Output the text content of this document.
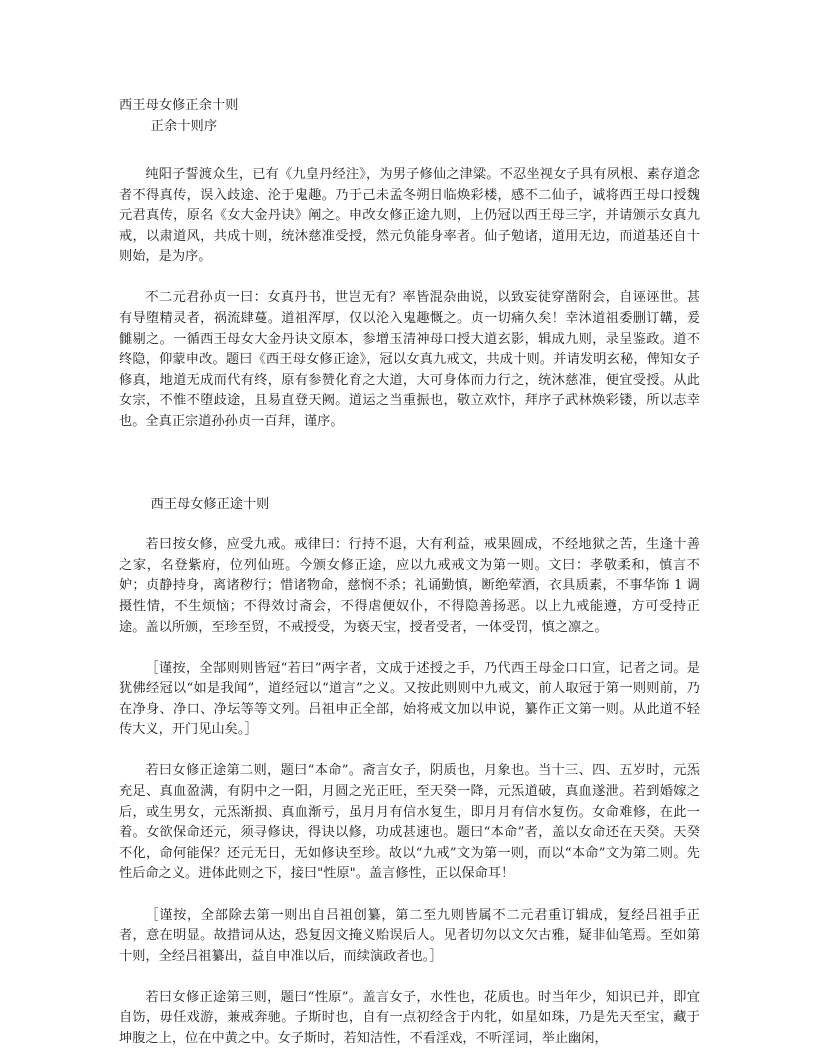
西王母女修正余十则
正余十则序

纯阳子誓渡众生，已有《九皇丹经注》，为男子修仙之津粱。不忍坐视女子具有夙根、素存道念者不得真传，误入歧途、沦于鬼趣。乃于己未孟冬朔日临焕彩楼，感不二仙子，诚将西王母口授魏元君真传，原名《女大金丹诀》阐之。申改女修正途九则，上仍冠以西王母三字，并请颁示女真九戒，以肃道风，共成十则，统沐慈准受授，然元负能身率者。仙子勉诸，道用无边，而道基还自十则始，是为序。

不二元君孙贞一曰：女真丹书，世岂无有？率皆混杂曲说，以致妄徒穿凿附会，自诬诬世。甚有导堕精灵者，祸流肆蔓。道祖浑厚，仅以沦入鬼趣慨之。贞一切痛久矣！幸沐道祖委删订韝，爰雠剔之。一循西王母女大金丹诀文原本，参增玉清神母口授大道玄影，辑成九则，录呈鉴政。道不终隐，仰蒙申改。题曰《西王母女修正途》，冠以女真九戒文，共成十则。并请发明玄秘，俾知女子修真，地道无成而代有终，原有参赞化育之大道，大可身体而力行之，统沐慈准，便宜受授。从此女宗，不惟不堕歧途，且易直登天阙。道运之当重振也，敬立欢忭，拜序子武林焕彩镂，所以志幸也。全真正宗道孙孙贞一百拜，谨序。

西王母女修正途十则

若曰按女修，应受九戒。戒律曰：行持不退，大有利益，戒果圆成，不经地狱之苦，生逢十善之家，名登紫府，位列仙班。今颁女修正途，应以九戒戒文为第一则。文曰：孝敬柔和，慎言不妒；贞静持身，离诸秽行；惜诸物命，慈悯不杀；礼诵勤慎，断绝荤酒，衣具质素，不事华饰 1 调摄性情，不生烦恼；不得效讨斋会，不得虐便奴仆，不得隐善扬恶。以上九戒能遵，方可受持正途。盖以所颁，至珍至贸，不戒授受，为亵天宝，授者受者，一体受罚，慎之凛之。

［谨按，全郜则则皆冠“若曰”两字者，文成于述授之手，乃代西王母金口口宣，记者之词。是犹佛经冠以“如是我闻”，道经冠以“道言”之义。又按此则则中九戒文，前人取冠于第一则则前，乃在净身、净口、净坛等等文列。吕祖申正全部，始将戒文加以申说，纂作正文第一则。从此道不轻传大义，开门见山矣。］

若曰女修正途第二则，题曰“本命”。斋言女子，阴质也，月象也。当十三、四、五岁时，元炁充足、真血盈满，有阴中之一阳，月圆之光正旺，至天癸一降，元炁道破，真血遂泄。若到婚嫁之后，或生男女，元炁渐损、真血渐亏，虽月月有信水复生，即月月有信水复伤。女命难修，在此一着。女欲保命还元，须寻修诀，得诀以修，功成甚速也。题曰“本命”者，盖以女命还在天癸。天癸不化，命何能保？还元无日，无如修诀至珍。故以“九戒”文为第一则，而以“本命”文为第二则。先性后命之义。进体此则之下，接曰"性原"。盖言修性，正以保命耳！

［谨按，全部除去第一则出自吕祖创纂，第二至九则皆属不二元君重订辑成，复经吕祖手正者，意在明显。故措词从达，恐复因文掩义贻误后人。见者切勿以文欠古雅，疑非仙笔焉。至如第十则，全经吕祖纂出，益自申准以后，而续演政者也。］

若曰女修正途第三则，题曰“性原”。盖言女子，水性也，花质也。时当年少，知识已并，即宜自饬，毋任戏游，兼戒奔驰。子斯时也，自有一点初经含于内牝，如星如珠，乃是先天至宝，藏于坤腹之上，位在中黄之中。女子斯时，若知洁性，不看淫戏，不听淫词，举止幽闲，
